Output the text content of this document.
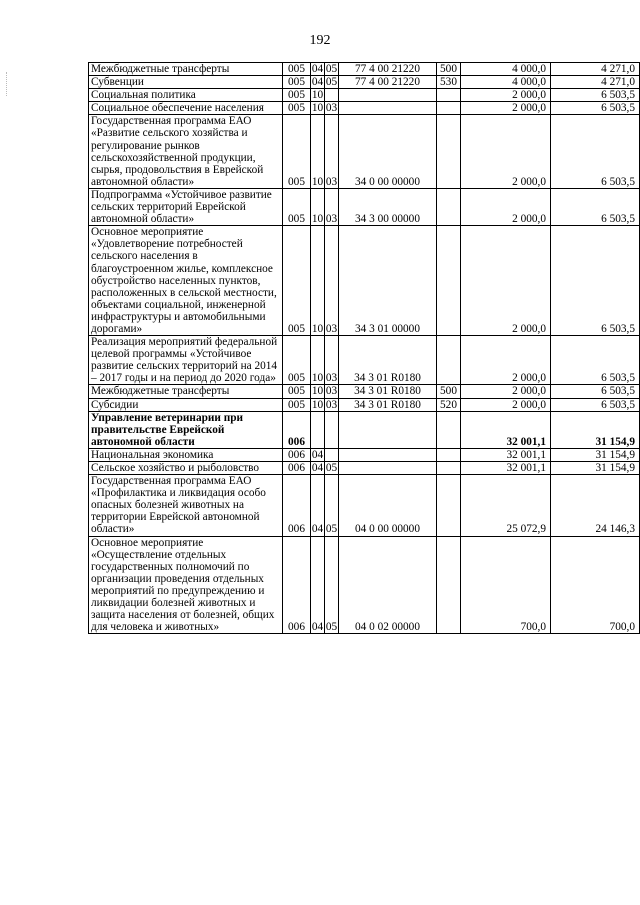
192
Межбюджетные трансферты	005	04	05	77 4 00 21220	500	4 000,0	4 271,0
Субвенции	005	04	05	77 4 00 21220	530	4 000,0	4 271,0
Социальная политика	005	10				2 000,0	6 503,5
Социальное обеспечение населения	005	10	03			2 000,0	6 503,5
Государственная программа ЕАО «Развитие сельского хозяйства и регулирование рынков сельскохозяйственной продукции, сырья, продовольствия в Еврейской автономной области»	005	10	03	34 0 00 00000		2 000,0	6 503,5
Подпрограмма «Устойчивое развитие сельских территорий Еврейской автономной области»	005	10	03	34 3 00 00000		2 000,0	6 503,5
Основное мероприятие «Удовлетворение потребностей сельского населения в благоустроенном жилье, комплексное обустройство населенных пунктов, расположенных в сельской местности, объектами социальной, инженерной инфраструктуры и автомобильными дорогами»	005	10	03	34 3 01 00000		2 000,0	6 503,5
Реализация мероприятий федеральной целевой программы «Устойчивое развитие сельских территорий на 2014 – 2017 годы и на период до 2020 года»	005	10	03	34 3 01 R0180		2 000,0	6 503,5
Межбюджетные трансферты	005	10	03	34 3 01 R0180	500	2 000,0	6 503,5
Субсидии	005	10	03	34 3 01 R0180	520	2 000,0	6 503,5
Управление ветеринарии при правительстве Еврейской автономной области	006					32 001,1	31 154,9
Национальная экономика	006	04				32 001,1	31 154,9
Сельское хозяйство и рыболовство	006	04	05			32 001,1	31 154,9
Государственная программа ЕАО «Профилактика и ликвидация особо опасных болезней животных на территории Еврейской автономной области»	006	04	05	04 0 00 00000		25 072,9	24 146,3
Основное мероприятие «Осуществление отдельных государственных полномочий по организации проведения отдельных мероприятий по предупреждению и ликвидации болезней животных и защита населения от болезней, общих для человека и животных»	006	04	05	04 0 02 00000		700,0	700,0
